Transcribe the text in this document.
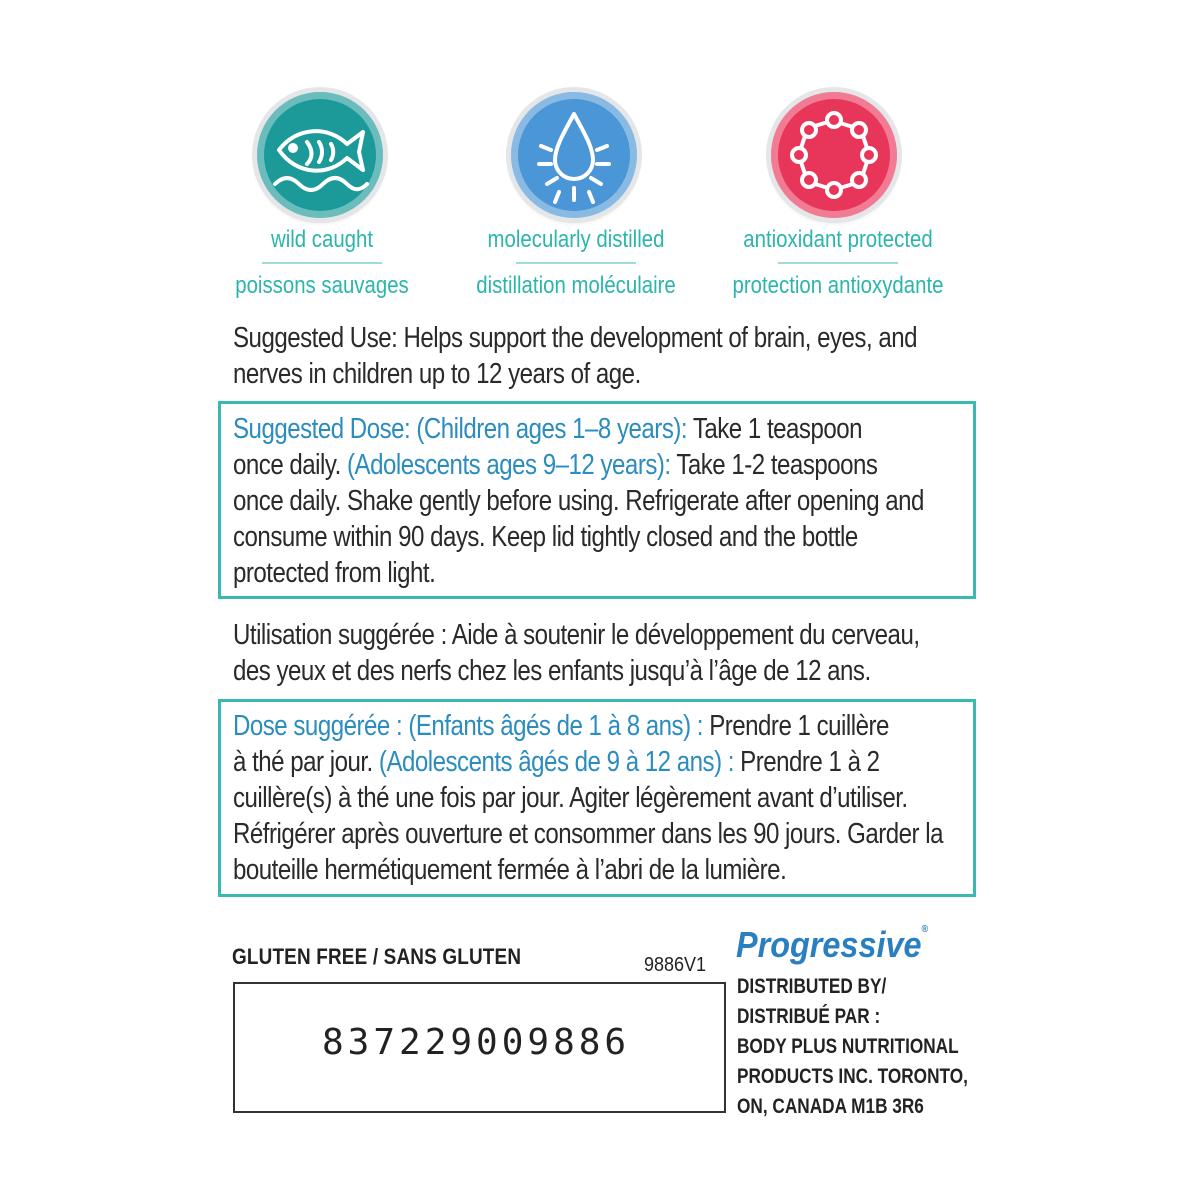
wild caught
poissons sauvages
molecularly distilled
distillation moléculaire
antioxidant protected
protection antioxydante
Suggested Use: Helps support the development of brain, eyes, and
nerves in children up to 12 years of age.
Suggested Dose: (Children ages 1–8 years): Take 1 teaspoon
once daily. (Adolescents ages 9–12 years): Take 1-2 teaspoons
once daily. Shake gently before using. Refrigerate after opening and
consume within 90 days. Keep lid tightly closed and the bottle
protected from light.
Utilisation suggérée : Aide à soutenir le développement du cerveau,
des yeux et des nerfs chez les enfants jusqu’à l’âge de 12 ans.
Dose suggérée : (Enfants âgés de 1 à 8 ans) : Prendre 1 cuillère
à thé par jour. (Adolescents âgés de 9 à 12 ans) : Prendre 1 à 2
cuillère(s) à thé une fois par jour. Agiter légèrement avant d’utiliser.
Réfrigérer après ouverture et consommer dans les 90 jours. Garder la
bouteille hermétiquement fermée à l’abri de la lumière.
GLUTEN FREE / SANS GLUTEN	9886V1
837229009886
Progressive®
DISTRIBUTED BY/
DISTRIBUÉ PAR :
BODY PLUS NUTRITIONAL
PRODUCTS INC. TORONTO,
ON, CANADA M1B 3R6
